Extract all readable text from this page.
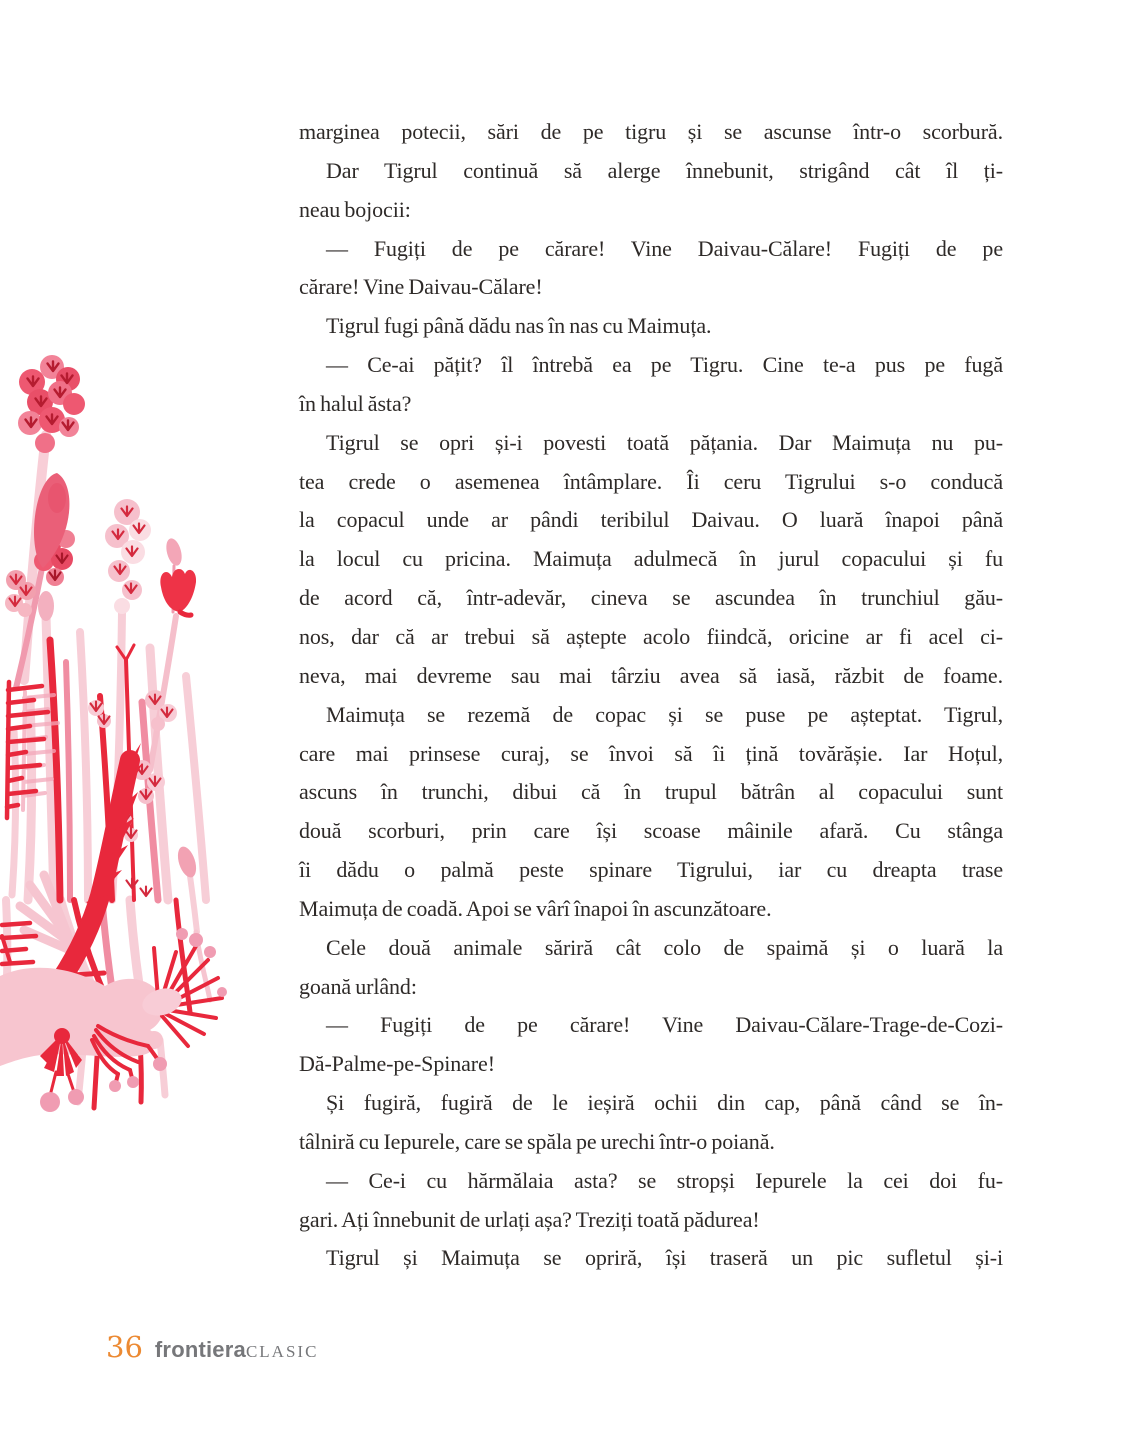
marginea potecii, sări de pe tigru și se ascunse într-o scorbură.
Dar Tigrul continuă să alerge înnebunit, strigând cât îl ți-
neau bojocii:
— Fugiți de pe cărare! Vine Daivau-Călare! Fugiți de pe
cărare! Vine Daivau-Călare!
Tigrul fugi până dădu nas în nas cu Maimuța.
— Ce-ai pățit? îl întrebă ea pe Tigru. Cine te-a pus pe fugă
în halul ăsta?
Tigrul se opri și-i povesti toată pățania. Dar Maimuța nu pu-
tea crede o asemenea întâmplare. Îi ceru Tigrului s-o conducă
la copacul unde ar pândi teribilul Daivau. O luară înapoi până
la locul cu pricina. Maimuța adulmecă în jurul copacului și fu
de acord că, într-adevăr, cineva se ascundea în trunchiul gău-
nos, dar că ar trebui să aștepte acolo fiindcă, oricine ar fi acel ci-
neva, mai devreme sau mai târziu avea să iasă, răzbit de foame.
Maimuța se rezemă de copac și se puse pe așteptat. Tigrul,
care mai prinsese curaj, se învoi să îi țină tovărășie. Iar Hoțul,
ascuns în trunchi, dibui că în trupul bătrân al copacului sunt
două scorburi, prin care își scoase mâinile afară. Cu stânga
îi dădu o palmă peste spinare Tigrului, iar cu dreapta trase
Maimuța de coadă. Apoi se vârî înapoi în ascunzătoare.
Cele două animale săriră cât colo de spaimă și o luară la
goană urlând:
— Fugiți de pe cărare! Vine Daivau-Călare-Trage-de-Cozi-
Dă-Palme-pe-Spinare!
Și fugiră, fugiră de le ieșiră ochii din cap, până când se în-
tâlniră cu Iepurele, care se spăla pe urechi într-o poiană.
— Ce-i cu hărmălaia asta? se stropși Iepurele la cei doi fu-
gari. Ați înnebunit de urlați așa? Treziți toată pădurea!
Tigrul și Maimuța se opriră, își traseră un pic sufletul și-i
36 frontiera CLASIC
